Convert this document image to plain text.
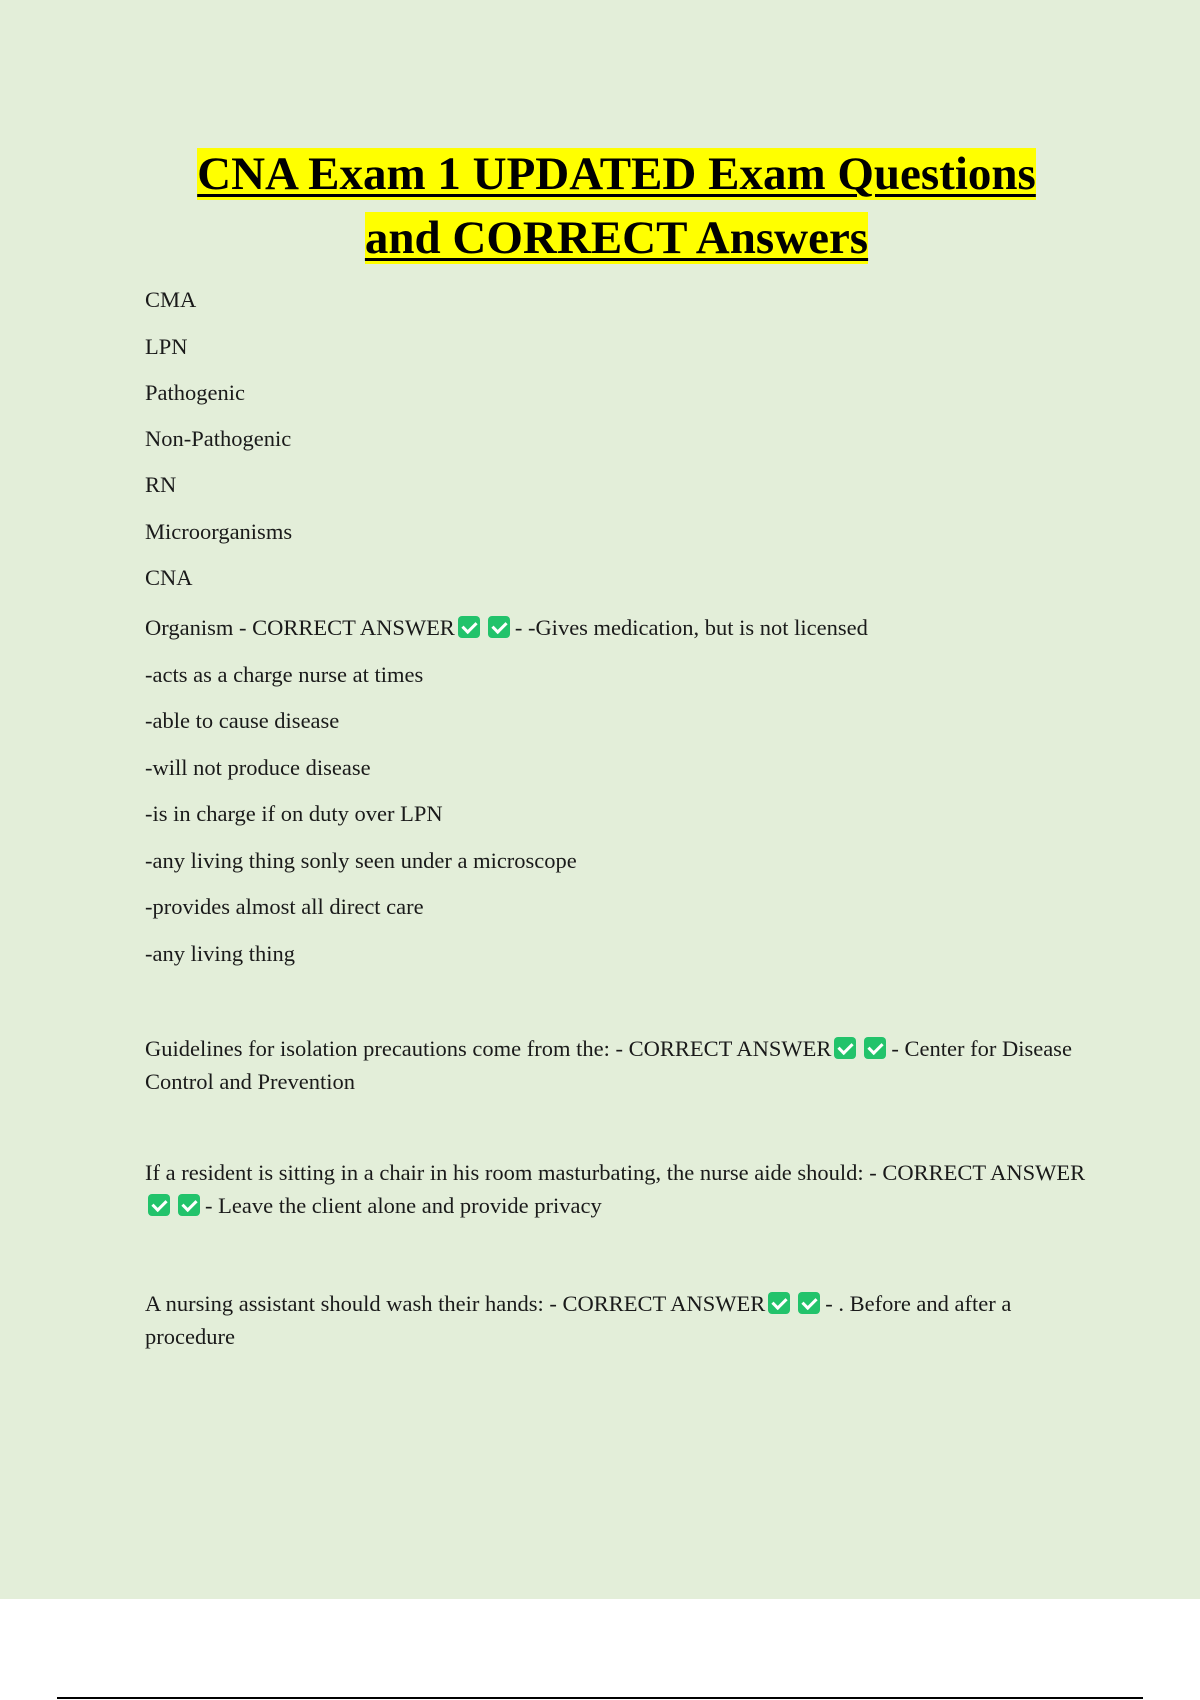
CNA Exam 1 UPDATED Exam Questions
and CORRECT Answers
CMA
LPN
Pathogenic
Non-Pathogenic
RN
Microorganisms
CNA
Organism - CORRECT ANSWER	- -Gives medication, but is not licensed
-acts as a charge nurse at times
-able to cause disease
-will not produce disease
-is in charge if on duty over LPN
-any living thing sonly seen under a microscope
-provides almost all direct care
-any living thing
Guidelines for isolation precautions come from the: - CORRECT ANSWER	- Center for Disease Control and Prevention
If a resident is sitting in a chair in his room masturbating, the nurse aide should: - CORRECT ANSWER- Leave the client alone and provide privacy
A nursing assistant should wash their hands: - CORRECT ANSWER	- . Before and after a procedure
